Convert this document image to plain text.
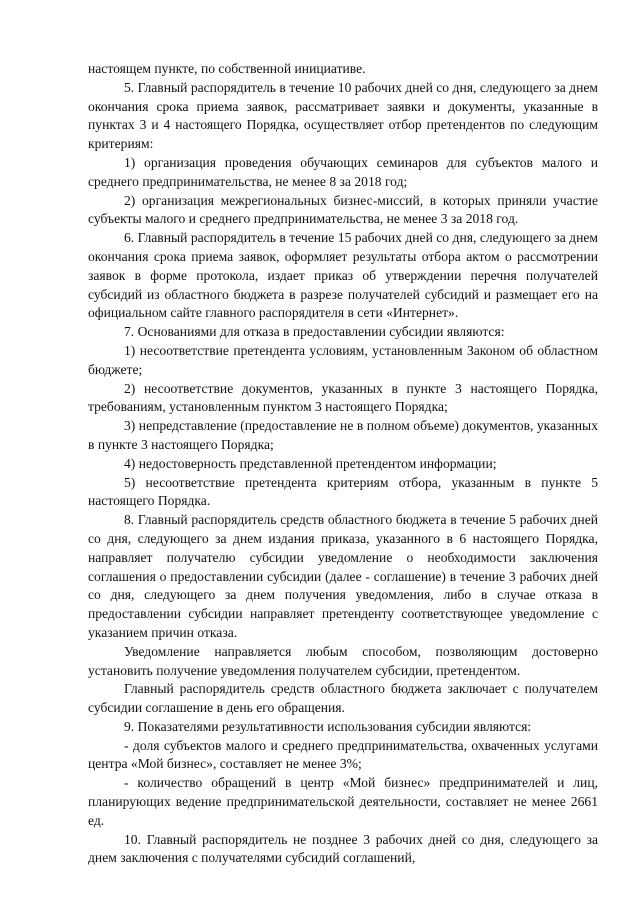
настоящем пункте, по собственной инициативе.

5. Главный распорядитель в течение 10 рабочих дней со дня, следующего за днем окончания срока приема заявок, рассматривает заявки и документы, указанные в пунктах 3 и 4 настоящего Порядка, осуществляет отбор претендентов по следующим критериям:

1) организация проведения обучающих семинаров для субъектов малого и среднего предпринимательства, не менее 8 за 2018 год;

2) организация межрегиональных бизнес-миссий, в которых приняли участие субъекты малого и среднего предпринимательства, не менее 3 за 2018 год.

6. Главный распорядитель в течение 15 рабочих дней со дня, следующего за днем окончания срока приема заявок, оформляет результаты отбора актом о рассмотрении заявок в форме протокола, издает приказ об утверждении перечня получателей субсидий из областного бюджета в разрезе получателей субсидий и размещает его на официальном сайте главного распорядителя в сети «Интернет».

7. Основаниями для отказа в предоставлении субсидии являются:

1) несоответствие претендента условиям, установленным Законом об областном бюджете;

2) несоответствие документов, указанных в пункте 3 настоящего Порядка, требованиям, установленным пунктом 3 настоящего Порядка;

3) непредставление (предоставление не в полном объеме) документов, указанных в пункте 3 настоящего Порядка;

4) недостоверность представленной претендентом информации;

5) несоответствие претендента критериям отбора, указанным в пункте 5 настоящего Порядка.

8. Главный распорядитель средств областного бюджета в течение 5 рабочих дней со дня, следующего за днем издания приказа, указанного в 6 настоящего Порядка, направляет получателю субсидии уведомление о необходимости заключения соглашения о предоставлении субсидии (далее - соглашение) в течение 3 рабочих дней со дня, следующего за днем получения уведомления, либо в случае отказа в предоставлении субсидии направляет претенденту соответствующее уведомление с указанием причин отказа.

Уведомление направляется любым способом, позволяющим достоверно установить получение уведомления получателем субсидии, претендентом.

Главный распорядитель средств областного бюджета заключает с получателем субсидии соглашение в день его обращения.

9. Показателями результативности использования субсидии являются:

- доля субъектов малого и среднего предпринимательства, охваченных услугами центра «Мой бизнес», составляет не менее 3%;

- количество обращений в центр «Мой бизнес» предпринимателей и лиц, планирующих ведение предпринимательской деятельности, составляет не менее 2661 ед.

10. Главный распорядитель не позднее 3 рабочих дней со дня, следующего за днем заключения с получателями субсидий соглашений,
